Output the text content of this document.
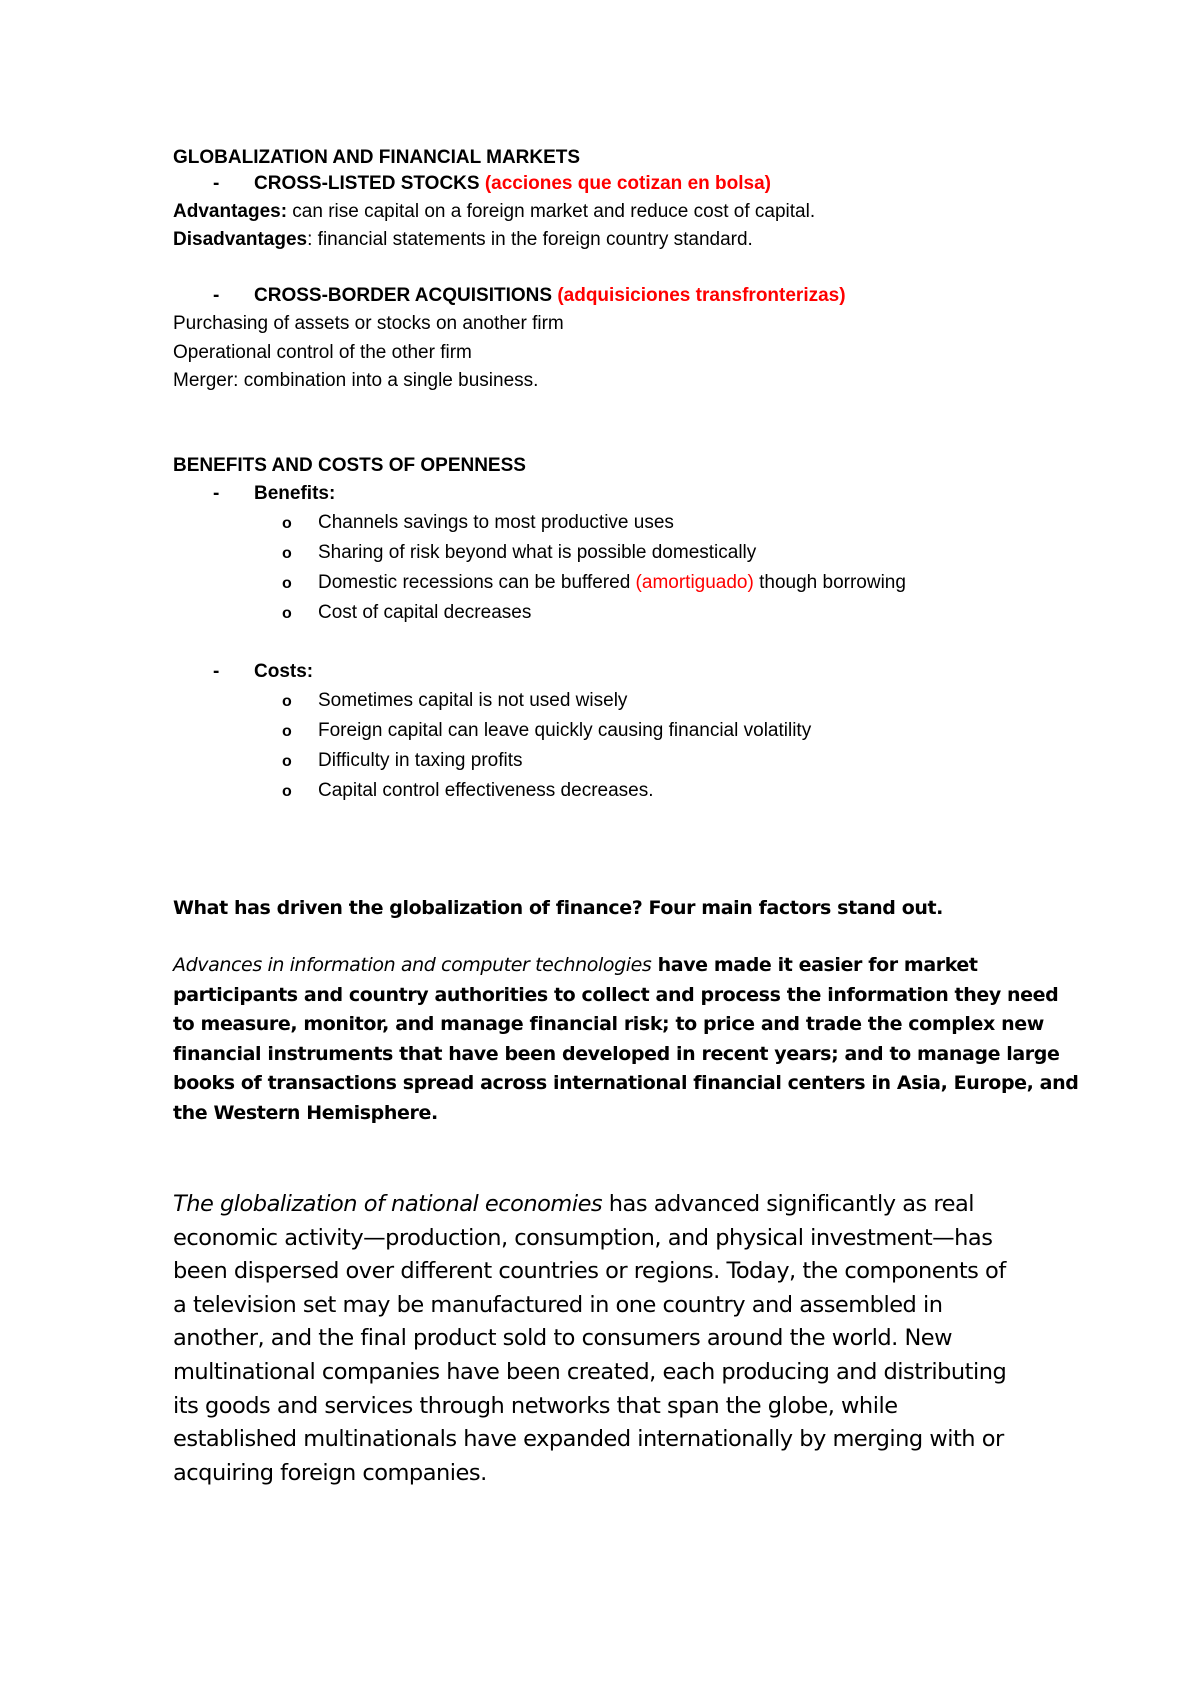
GLOBALIZATION AND FINANCIAL MARKETS
- CROSS-LISTED STOCKS (acciones que cotizan en bolsa)
Advantages: can rise capital on a foreign market and reduce cost of capital.
Disadvantages: financial statements in the foreign country standard.
- CROSS-BORDER ACQUISITIONS (adquisiciones transfronterizas)
Purchasing of assets or stocks on another firm
Operational control of the other firm
Merger: combination into a single business.
BENEFITS AND COSTS OF OPENNESS
- Benefits:
o Channels savings to most productive uses
o Sharing of risk beyond what is possible domestically
o Domestic recessions can be buffered (amortiguado) though borrowing
o Cost of capital decreases
- Costs:
o Sometimes capital is not used wisely
o Foreign capital can leave quickly causing financial volatility
o Difficulty in taxing profits
o Capital control effectiveness decreases.
What has driven the globalization of finance? Four main factors stand out.
Advances in information and computer technologies have made it easier for market
participants and country authorities to collect and process the information they need
to measure, monitor, and manage financial risk; to price and trade the complex new
financial instruments that have been developed in recent years; and to manage large
books of transactions spread across international financial centers in Asia, Europe, and
the Western Hemisphere.
The globalization of national economies has advanced significantly as real
economic activity—production, consumption, and physical investment—has
been dispersed over different countries or regions. Today, the components of
a television set may be manufactured in one country and assembled in
another, and the final product sold to consumers around the world. New
multinational companies have been created, each producing and distributing
its goods and services through networks that span the globe, while
established multinationals have expanded internationally by merging with or
acquiring foreign companies.
